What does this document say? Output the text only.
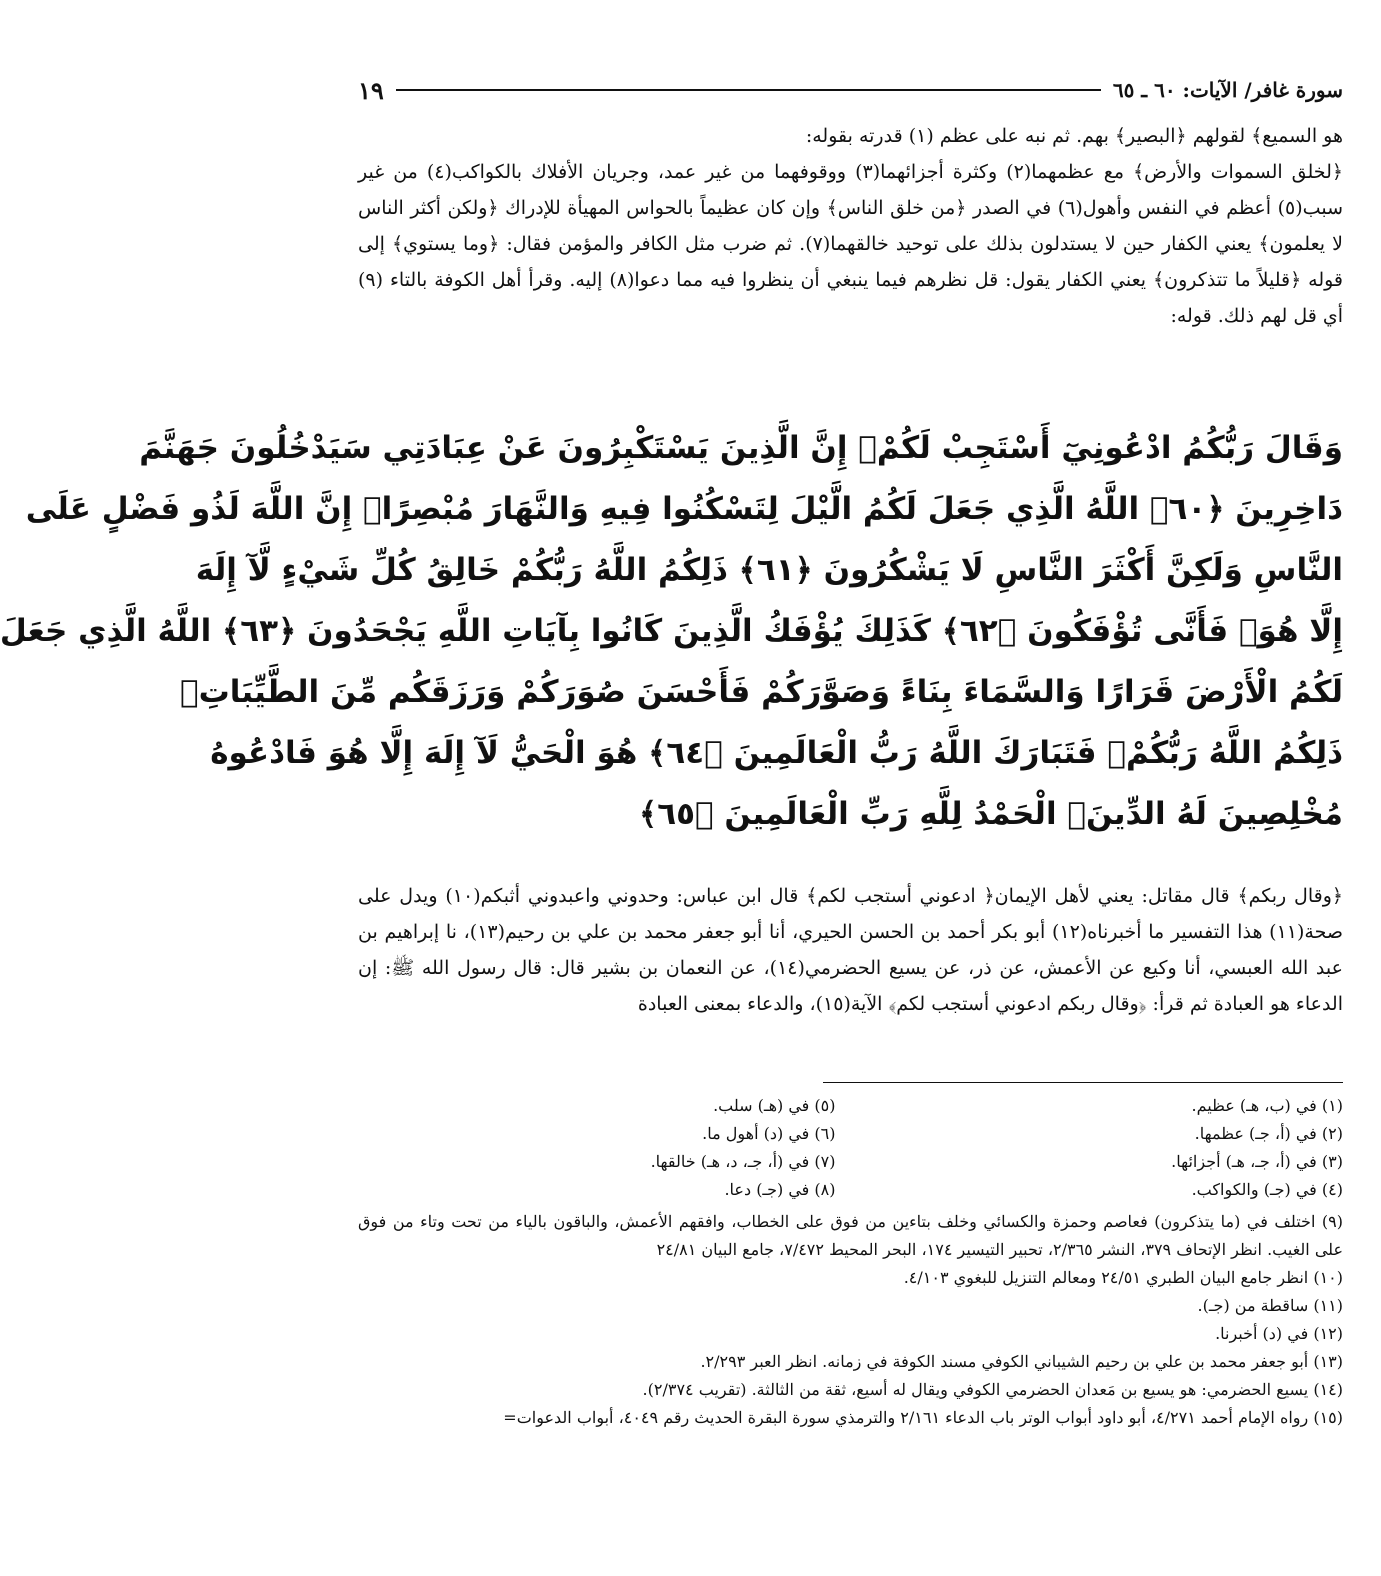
سورة غافر/ الآيات: ٦٠ ـ ٦٥
١٩

هو السميع﴾ لقولهم ﴿البصير﴾ بهم. ثم نبه على عظم (١) قدرته بقوله:

﴿لخلق السموات والأرض﴾ مع عظمهما(٢) وكثرة أجزائهما(٣) ووقوفهما من غير عمد، وجريان الأفلاك بالكواكب(٤) من غير سبب(٥) أعظم في النفس وأهول(٦) في الصدر ﴿من خلق الناس﴾ وإن كان عظيماً بالحواس المهيأة للإدراك ﴿ولكن أكثر الناس لا يعلمون﴾ يعني الكفار حين لا يستدلون بذلك على توحيد خالقهما(٧). ثم ضرب مثل الكافر والمؤمن فقال: ﴿وما يستوي﴾ إلى قوله ﴿قليلاً ما تتذكرون﴾ يعني الكفار يقول: قل نظرهم فيما ينبغي أن ينظروا فيه مما دعوا(٨) إليه. وقرأ أهل الكوفة بالتاء (٩) أي قل لهم ذلك. قوله:

وَقَالَ رَبُّكُمُ ادْعُونِيٓ أَسْتَجِبْ لَكُمْۚ إِنَّ الَّذِينَ يَسْتَكْبِرُونَ عَنْ عِبَادَتِي سَيَدْخُلُونَ جَهَنَّمَ
دَاخِرِينَ ﴿٦٠﴾ اللَّهُ الَّذِي جَعَلَ لَكُمُ الَّيْلَ لِتَسْكُنُوا فِيهِ وَالنَّهَارَ مُبْصِرًاۚ إِنَّ اللَّهَ لَذُو فَضْلٍ عَلَى
النَّاسِ وَلَكِنَّ أَكْثَرَ النَّاسِ لَا يَشْكُرُونَ ﴿٦١﴾ ذَلِكُمُ اللَّهُ رَبُّكُمْ خَالِقُ كُلِّ شَيْءٍ لَّآ إِلَهَ
إِلَّا هُوَۖ فَأَنَّى تُؤْفَكُونَ ﴿٦٢﴾ كَذَلِكَ يُؤْفَكُ الَّذِينَ كَانُوا بِآيَاتِ اللَّهِ يَجْحَدُونَ ﴿٦٣﴾ اللَّهُ الَّذِي جَعَلَ
لَكُمُ الْأَرْضَ قَرَارًا وَالسَّمَاءَ بِنَاءً وَصَوَّرَكُمْ فَأَحْسَنَ صُوَرَكُمْ وَرَزَقَكُم مِّنَ الطَّيِّبَاتِۚ
ذَلِكُمُ اللَّهُ رَبُّكُمْۖ فَتَبَارَكَ اللَّهُ رَبُّ الْعَالَمِينَ ﴿٦٤﴾ هُوَ الْحَيُّ لَآ إِلَهَ إِلَّا هُوَ فَادْعُوهُ
مُخْلِصِينَ لَهُ الدِّينَۗ الْحَمْدُ لِلَّهِ رَبِّ الْعَالَمِينَ ﴿٦٥﴾

﴿وقال ربكم﴾ قال مقاتل: يعني لأهل الإيمان﴿ ادعوني أستجب لكم﴾ قال ابن عباس: وحدوني واعبدوني أثبكم(١٠) ويدل على صحة(١١) هذا التفسير ما أخبرناه(١٢) أبو بكر أحمد بن الحسن الحيري، أنا أبو جعفر محمد بن علي بن رحيم(١٣)، نا إبراهيم بن عبد الله العبسي، أنا وكيع عن الأعمش، عن ذر، عن يسيع الحضرمي(١٤)، عن النعمان بن بشير قال: قال رسول الله ﷺ: إن الدعاء هو العبادة ثم قرأ: ﴿وقال ربكم ادعوني أستجب لكم﴾ الآية(١٥)، والدعاء بمعنى العبادة

(١) في (ب، هـ) عظيم.
(٥) في (هـ) سلب.
(٢) في (أ، جـ) عظمها.
(٦) في (د) أهول ما.
(٣) في (أ، جـ، هـ) أجزائها.
(٧) في (أ، جـ، د، هـ) خالقها.
(٤) في (جـ) والكواكب.
(٨) في (جـ) دعا.

(٩) اختلف في (ما يتذكرون) فعاصم وحمزة والكسائي وخلف بتاءين من فوق على الخطاب، وافقهم الأعمش، والباقون بالياء من تحت وتاء من فوق على الغيب. انظر الإتحاف ٣٧٩، النشر ٢/٣٦٥، تحبير التيسير ١٧٤، البحر المحيط ٧/٤٧٢، جامع البيان ٢٤/٨١

(١٠) انظر جامع البيان الطبري ٢٤/٥١ ومعالم التنزيل للبغوي ٤/١٠٣.

(١١) ساقطة من (جـ).

(١٢) في (د) أخبرنا.

(١٣) أبو جعفر محمد بن علي بن رحيم الشيباني الكوفي مسند الكوفة في زمانه. انظر العبر ٢/٢٩٣.

(١٤) يسيع الحضرمي: هو يسيع بن مَعدان الحضرمي الكوفي ويقال له أسيع، ثقة من الثالثة. (تقريب ٢/٣٧٤).

(١٥) رواه الإمام أحمد ٤/٢٧١، أبو داود أبواب الوتر باب الدعاء ٢/١٦١ والترمذي سورة البقرة الحديث رقم ٤٠٤٩، أبواب الدعوات=
